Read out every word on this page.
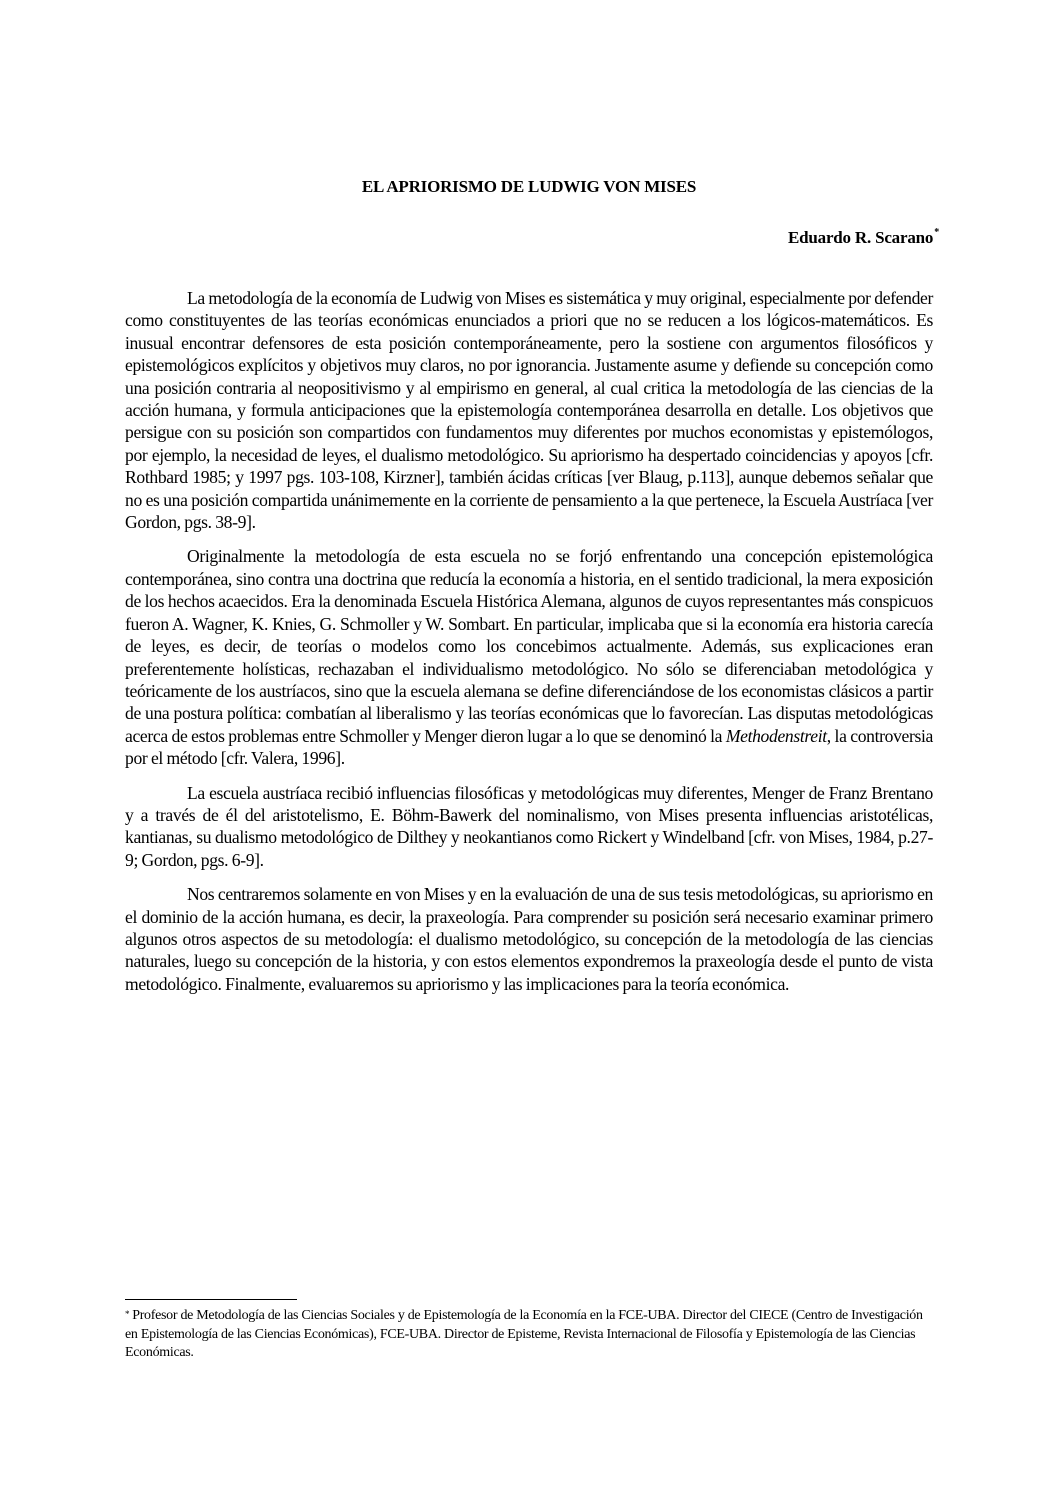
EL APRIORISMO DE LUDWIG VON MISES
Eduardo R. Scarano*

La metodología de la economía de Ludwig von Mises es sistemática y muy original, especialmente por defender como constituyentes de las teorías económicas enunciados a priori que no se reducen a los lógicos-matemáticos. Es inusual encontrar defensores de esta posición contemporáneamente, pero la sostiene con argumentos filosóficos y epistemológicos explícitos y objetivos muy claros, no por ignorancia. Justamente asume y defiende su concepción como una posición contraria al neopositivismo y al empirismo en general, al cual critica la metodología de las ciencias de la acción humana, y formula anticipaciones que la epistemología contemporánea desarrolla en detalle. Los objetivos que persigue con su posición son compartidos con fundamentos muy diferentes por muchos economistas y epistemólogos, por ejemplo, la necesidad de leyes, el dualismo metodológico. Su apriorismo ha despertado coincidencias y apoyos [cfr. Rothbard 1985; y 1997 pgs. 103-108, Kirzner], también ácidas críticas [ver Blaug, p.113], aunque debemos señalar que no es una posición compartida unánimemente en la corriente de pensamiento a la que pertenece, la Escuela Austríaca [ver Gordon, pgs. 38-9].

Originalmente la metodología de esta escuela no se forjó enfrentando una concepción epistemológica contemporánea, sino contra una doctrina que reducía la economía a historia, en el sentido tradicional, la mera exposición de los hechos acaecidos. Era la denominada Escuela Histórica Alemana, algunos de cuyos representantes más conspicuos fueron A. Wagner, K. Knies, G. Schmoller y W. Sombart. En particular, implicaba que si la economía era historia carecía de leyes, es decir, de teorías o modelos como los concebimos actualmente. Además, sus explicaciones eran preferentemente holísticas, rechazaban el individualismo metodológico. No sólo se diferenciaban metodológica y teóricamente de los austríacos, sino que la escuela alemana se define diferenciándose de los economistas clásicos a partir de una postura política: combatían al liberalismo y las teorías económicas que lo favorecían. Las disputas metodológicas acerca de estos problemas entre Schmoller y Menger dieron lugar a lo que se denominó la Methodenstreit, la controversia por el método [cfr. Valera, 1996].

La escuela austríaca recibió influencias filosóficas y metodológicas muy diferentes, Menger de Franz Brentano y a través de él del aristotelismo, E. Böhm-Bawerk del nominalismo, von Mises presenta influencias aristotélicas, kantianas, su dualismo metodológico de Dilthey y neokantianos como Rickert y Windelband [cfr. von Mises, 1984, p.27-9; Gordon, pgs. 6-9].

Nos centraremos solamente en von Mises y en la evaluación de una de sus tesis metodológicas, su apriorismo en el dominio de la acción humana, es decir, la praxeología. Para comprender su posición será necesario examinar primero algunos otros aspectos de su metodología: el dualismo metodológico, su concepción de la metodología de las ciencias naturales, luego su concepción de la historia, y con estos elementos expondremos la praxeología desde el punto de vista metodológico. Finalmente, evaluaremos su apriorismo y las implicaciones para la teoría económica.

* Profesor de Metodología de las Ciencias Sociales y de Epistemología de la Economía en la FCE-UBA. Director del CIECE (Centro de Investigación en Epistemología de las Ciencias Económicas), FCE-UBA. Director de Episteme, Revista Internacional de Filosofía y Epistemología de las Ciencias Económicas.
